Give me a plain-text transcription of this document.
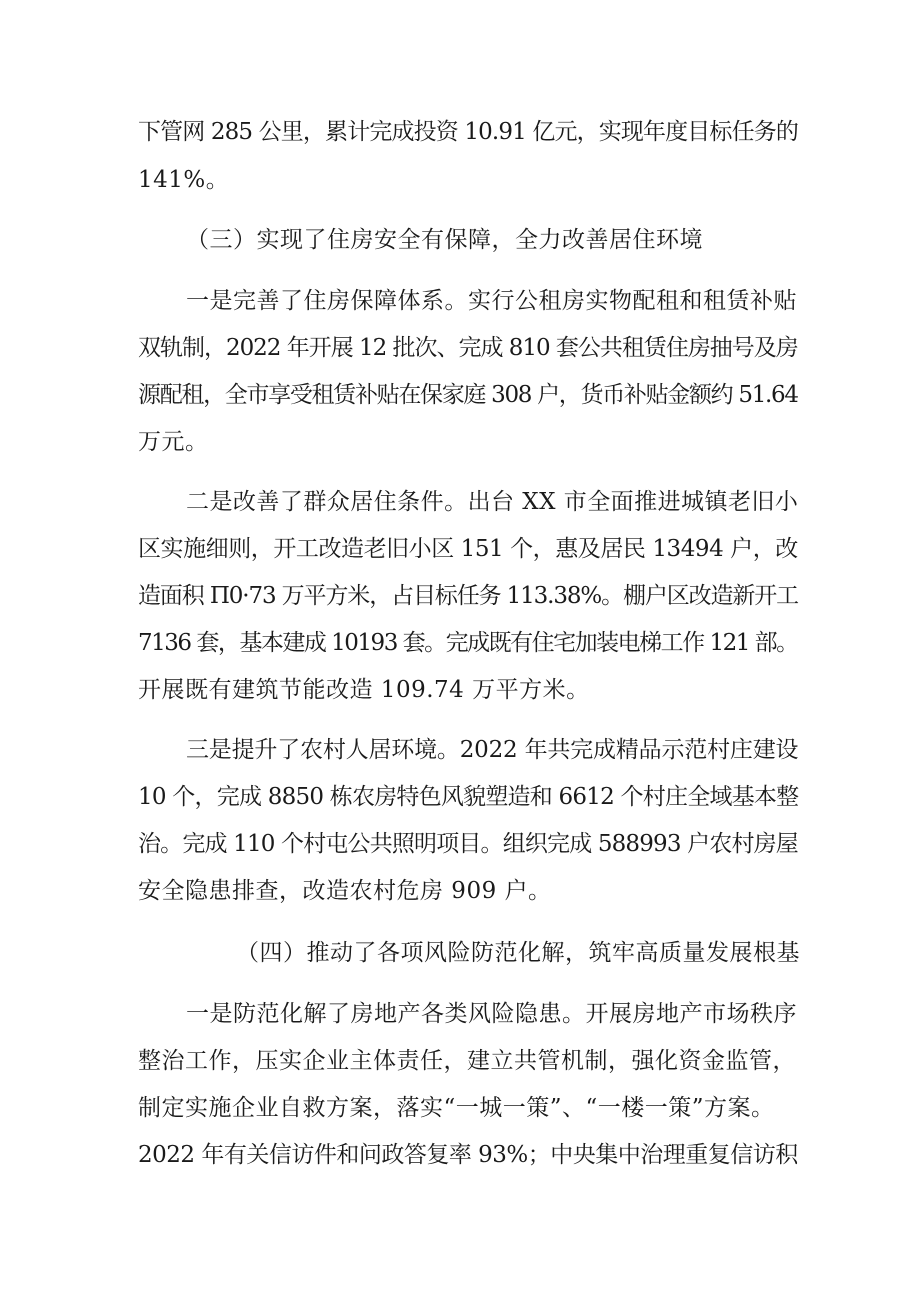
下管网 285 公里，累计完成投资 10.91 亿元，实现年度目标任务的
141%。
（三）实现了住房安全有保障，全力改善居住环境
一是完善了住房保障体系。实行公租房实物配租和租赁补贴
双轨制，2022 年开展 12 批次、完成 810 套公共租赁住房抽号及房
源配租，全市享受租赁补贴在保家庭 308 户，货币补贴金额约 51.64
万元。
二是改善了群众居住条件。出台 XX 市全面推进城镇老旧小
区实施细则，开工改造老旧小区 151 个，惠及居民 13494 户，改
造面积 Π0·73 万平方米，占目标任务 113.38%。棚户区改造新开工
7136 套，基本建成 10193 套。完成既有住宅加装电梯工作 121 部。
开展既有建筑节能改造 109.74 万平方米。
三是提升了农村人居环境。2022 年共完成精品示范村庄建设
10 个，完成 8850 栋农房特色风貌塑造和 6612 个村庄全域基本整
治。完成 110 个村屯公共照明项目。组织完成 588993 户农村房屋
安全隐患排查，改造农村危房 909 户。
（四）推动了各项风险防范化解，筑牢高质量发展根基
一是防范化解了房地产各类风险隐患。开展房地产市场秩序
整治工作，压实企业主体责任，建立共管机制，强化资金监管，
制定实施企业自救方案，落实“一城一策”、“一楼一策”方案。
2022 年有关信访件和问政答复率 93%；中央集中治理重复信访积
